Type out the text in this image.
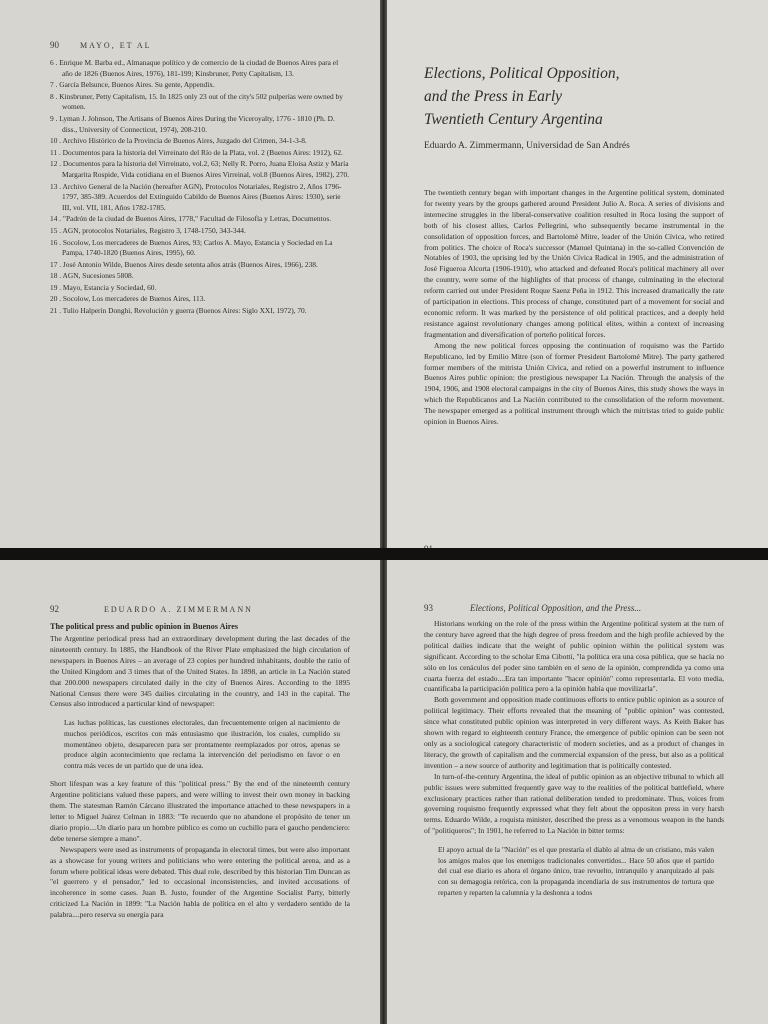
90	MAYO, ET AL
6 . Enrique M. Barba ed., Almanaque político y de comercio de la ciudad de Buenos Aires para el año de 1826 (Buenos Aires, 1976), 181-199; Kinsbruner, Petty Capitalism, 13.
7 . García Belsunce, Buenos Aires. Su gente, Appendix.
8 . Kinsbruner, Petty Capitalism, 15. In 1825 only 23 out of the city's 502 pulperías were owned by women.
9 . Lyman J. Johnson, The Artisans of Buenos Aires During the Viceroyalty, 1776 - 1810 (Ph. D. diss., University of Connecticut, 1974), 208-210.
10 . Archivo Histórico de la Provincia de Buenos Aires, Juzgado del Crimen, 34-1-3-8.
11 . Documentos para la historia del Virreinato del Río de la Plata, vol. 2 (Buenos Aires: 1912), 62.
12 . Documentos para la historia del Virreinato, vol.2, 63; Nelly R. Porro, Juana Eloisa Astiz y María Margarita Rospide, Vida cotidiana en el Buenos Aires Virreinal, vol.8 (Buenos Aires, 1982), 270.
13 . Archivo General de la Nación (hereafter AGN), Protocolos Notariales, Registro 2, Años 1796-1797, 385-389. Acuerdos del Extinguido Cabildo de Buenos Aires (Buenos Aires: 1930), serie III, vol. VII, 181, Años 1782-1785.
14 . "Padrón de la ciudad de Buenos Aires, 1778," Facultad de Filosofía y Letras, Documentos.
15 . AGN, protocolos Notariales, Registro 3, 1748-1750, 343-344.
16 . Socolow, Los mercaderes de Buenos Aires, 93; Carlos A. Mayo, Estancia y Sociedad en La Pampa, 1740-1820 (Buenos Aires, 1995), 60.
17 . José Antonio Wilde, Buenos Aires desde setenta años atrás (Buenos Aires, 1966), 238.
18 . AGN, Sucesiones 5808.
19 . Mayo, Estancia y Sociedad, 60.
20 . Socolow, Los mercaderes de Buenos Aires, 113.
21 . Tulio Halperin Donghi, Revolución y guerra (Buenos Aires: Siglo XXI, 1972), 70.
Elections, Political Opposition,
and the Press in Early
Twentieth Century Argentina
Eduardo A. Zimmermann, Universidad de San Andrés

The twentieth century began with important changes in the Argentine political system, dominated for twenty years by the groups gathered around President Julio A. Roca. A series of divisions and internecine struggles in the liberal-conservative coalition resulted in Roca losing the support of both of his closest allies, Carlos Pellegrini, who subsequently became instrumental in the consolidation of opposition forces, and Bartolomé Mitre, leader of the Unión Cívica, who retired from politics. The choice of Roca's successor (Manuel Quintana) in the so-called Convención de Notables of 1903, the uprising led by the Unión Cívica Radical in 1905, and the administration of José Figueroa Alcorta (1906-1910), who attacked and defeated Roca's political machinery all over the country, were some of the highlights of that process of change, culminating in the electoral reform carried out under President Roque Saenz Peña in 1912. This increased dramatically the rate of participation in elections. This process of change, constituted part of a movement for social and economic reform. It was marked by the persistence of old political practices, and a deeply held resistance against revolutionary changes among political elites, within a context of increasing fragmentation and diversification of porteño political forces.

Among the new political forces opposing the continuation of roquismo was the Partido Republicano, led by Emilio Mitre (son of former President Bartolomé Mitre). The party gathered former members of the mitrista Unión Cívica, and relied on a powerful instrument to influence Buenos Aires public opinion: the prestigious newspaper La Nación. Through the analysis of the 1904, 1906, and 1908 electoral campaigns in the city of Buenos Aires, this study shows the ways in which the Republicanos and La Nación contributed to the consolidation of the reform movement. The newspaper emerged as a political instrument through which the mitristas tried to guide public opinion in Buenos Aires.

92	EDUARDO A. ZIMMERMANN
The political press and public opinion in Buenos Aires

The Argentine periodical press had an extraordinary development during the last decades of the nineteenth century. In 1885, the Handbook of the River Plate emphasized the high circulation of newspapers in Buenos Aires – an average of 23 copies per hundred inhabitants, double the ratio of the United Kingdom and 3 times that of the United States. In 1898, an article in La Nación stated that 200.000 newspapers circulated daily in the city of Buenos Aires. According to the 1895 National Census there were 345 dailies circulating in the country, and 143 in the capital. The Census also introduced a particular kind of newspaper:

Las luchas políticas, las cuestiones electorales, dan frecuentemente origen al nacimiento de muchos periódicos, escritos con más entusiasmo que ilustración, los cuales, cumplido su momentáneo objeto, desaparecen para ser prontamente reemplazados por otros, apenas se produce algún acontecimiento que reclama la intervención del periodismo en favor o en contra más veces de un partido que de una idea.

Short lifespan was a key feature of this "political press." By the end of the nineteenth century Argentine politicians valued these papers, and were willing to invest their own money in backing them. The statesman Ramón Cárcano illustrated the importance attached to these newspapers in a letter to Miguel Juárez Celman in 1883: "Te recuerdo que no abandone el propósito de tener un diario propio....Un diario para un hombre público es como un cuchillo para el gaucho pendenciero: debe tenerse siempre a mano".

Newspapers were used as instruments of propaganda in electoral times, but were also important as a showcase for young writers and politicians who were entering the political arena, and as a forum where political ideas were debated. This dual role, described by this historian Tim Duncan as "el guerrero y el pensador," led to occasional inconsistencies, and invited accusations of incoherence in some cases. Juan B. Justo, founder of the Argentine Socialist Party, bitterly criticized La Nación in 1899: "La Nación habla de política en el alto y verdadero sentido de la palabra....pero reserva su energía para

93	Elections, Political Opposition, and the Press...

Historians working on the role of the press within the Argentine political system at the turn of the century have agreed that the high degree of press freedom and the high profile achieved by the political dailies indicate that the weight of public opinion within the political system was significant. According to the scholar Ema Cibotti, "la política era una cosa pública, que se hacía no sólo en los cenáculos del poder sino también en el seno de la opinión, comprendida ya como una cuarta fuerza del estado....Era tan importante "hacer opinión" como representarla. El voto media, cuantificaba la participación política pero a la opinión había que movilizarla".

Both government and opposition made continuous efforts to entice public opinion as a source of political legitimacy. Their efforts revealed that the meaning of "public opinion" was contested, since what constituted public opinion was interpreted in very different ways. As Keith Baker has shown with regard to eighteenth century France, the emergence of public opinion can be seen not only as a sociological category characteristic of modern societies, and as a product of changes in literacy, the growth of capitalism and the commercial expansion of the press, but also as a political invention – a new source of authority and legitimation that is politically contested.

In turn-of-the-century Argentina, the ideal of public opinion as an objective tribunal to which all public issues were submitted frequently gave way to the realities of the political battlefield, where exclusionary practices rather than rational deliberation tended to predominate. Thus, voices from governing roquismo frequently expressed what they felt about the oppositon press in very harsh terms. Eduardo Wilde, a roquista minister, described the press as a venomous weapon in the hands of "politiqueros"; In 1901, he referred to La Nación in bitter terms:

El apoyo actual de la "Nación" es el que prestaría el diablo al alma de un cristiano, más valen los amigos malos que los enemigos tradicionales convertidos... Hace 50 años que el partido del cual ese diario es ahora el órgano único, trae revuelto, intranquilo y anarquizado al país con su demagogia retórica, con la propaganda incendiaria de sus instrumentos de tortura que reparten y reparten la calumnia y la deshonra a todos
